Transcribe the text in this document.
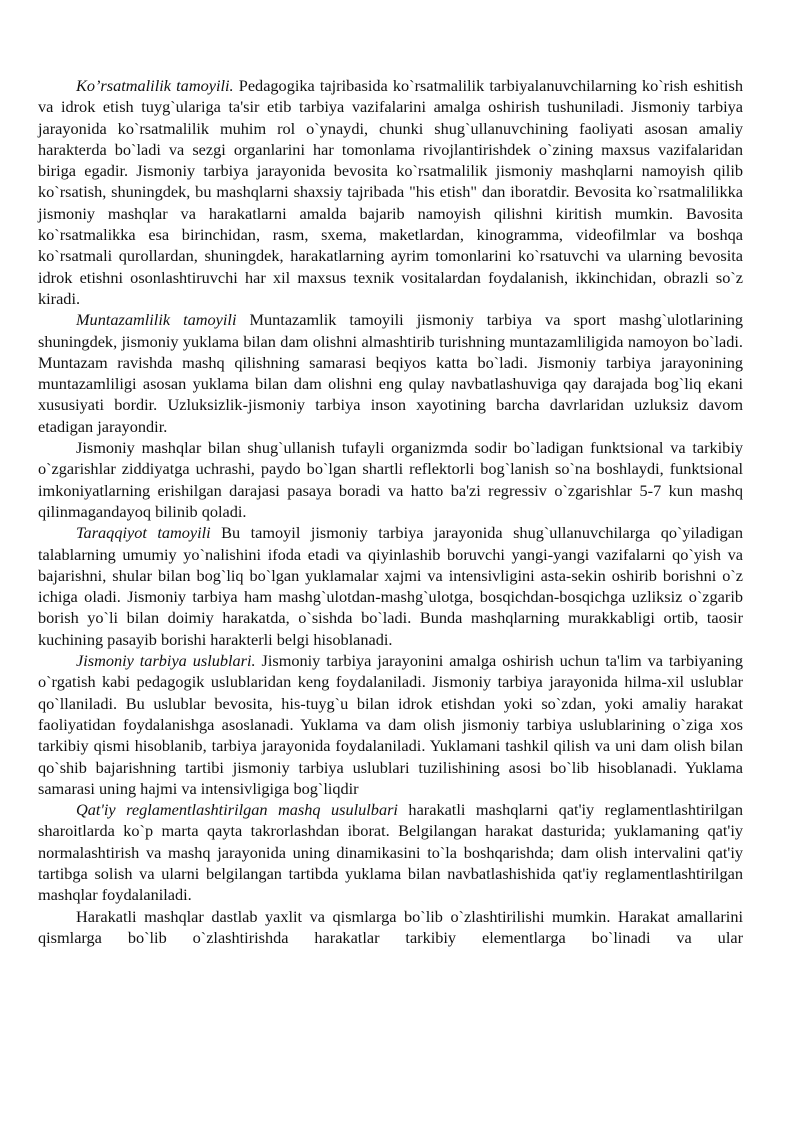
Ko’rsatmalilik tamoyili. Pedagogika tajribasida ko`rsatmalilik tarbiyalanuvchilarning ko`rish eshitish va idrok etish tuyg`ulariga ta'sir etib tarbiya vazifalarini amalga oshirish tushuniladi. Jismoniy tarbiya jarayonida ko`rsatmalilik muhim rol o`ynaydi, chunki shug`ullanuvchining faoliyati asosan amaliy harakterda bo`ladi va sezgi organlarini har tomonlama rivojlantirishdek o`zining maxsus vazifalaridan biriga egadir. Jismoniy tarbiya jarayonida bevosita ko`rsatmalilik jismoniy mashqlarni namoyish qilib ko`rsatish, shuningdek, bu mashqlarni shaxsiy tajribada "his etish" dan iboratdir. Bevosita ko`rsatmalilikka jismoniy mashqlar va harakatlarni amalda bajarib namoyish qilishni kiritish mumkin. Bavosita ko`rsatmalikka esa birinchidan, rasm, sxema, maketlardan, kinogramma, videofilmlar va boshqa ko`rsatmali qurollardan, shuningdek, harakatlarning ayrim tomonlarini ko`rsatuvchi va ularning bevosita idrok etishni osonlashtiruvchi har xil maxsus texnik vositalardan foydalanish, ikkinchidan, obrazli so`z kiradi.

Muntazamlilik tamoyili Muntazamlik tamoyili jismoniy tarbiya va sport mashg`ulotlarining shuningdek, jismoniy yuklama bilan dam olishni almashtirib turishning muntazamliligida namoyon bo`ladi. Muntazam ravishda mashq qilishning samarasi beqiyos katta bo`ladi. Jismoniy tarbiya jarayonining muntazamliligi asosan yuklama bilan dam olishni eng qulay navbatlashuviga qay darajada bog`liq ekani xususiyati bordir. Uzluksizlik-jismoniy tarbiya inson xayotining barcha davrlaridan uzluksiz davom etadigan jarayondir.

Jismoniy mashqlar bilan shug`ullanish tufayli organizmda sodir bo`ladigan funktsional va tarkibiy o`zgarishlar ziddiyatga uchrashi, paydo bo`lgan shartli reflektorli bog`lanish so`na boshlaydi, funktsional imkoniyatlarning erishilgan darajasi pasaya boradi va hatto ba'zi regressiv o`zgarishlar 5-7 kun mashq qilinmagandayoq bilinib qoladi.

Taraqqiyot tamoyili Bu tamoyil jismoniy tarbiya jarayonida shug`ullanuvchilarga qo`yiladigan talablarning umumiy yo`nalishini ifoda etadi va qiyinlashib boruvchi yangi-yangi vazifalarni qo`yish va bajarishni, shular bilan bog`liq bo`lgan yuklamalar xajmi va intensivligini asta-sekin oshirib borishni o`z ichiga oladi. Jismoniy tarbiya ham mashg`ulotdan-mashg`ulotga, bosqichdan-bosqichga uzliksiz o`zgarib borish yo`li bilan doimiy harakatda, o`sishda bo`ladi. Bunda mashqlarning murakkabligi ortib, taosir kuchining pasayib borishi harakterli belgi hisoblanadi.

Jismoniy tarbiya uslublari. Jismoniy tarbiya jarayonini amalga oshirish uchun ta'lim va tarbiyaning o`rgatish kabi pedagogik uslublaridan keng foydalaniladi. Jismoniy tarbiya jarayonida hilma-xil uslublar qo`llaniladi. Bu uslublar bevosita, his-tuyg`u bilan idrok etishdan yoki so`zdan, yoki amaliy harakat faoliyatidan foydalanishga asoslanadi. Yuklama va dam olish jismoniy tarbiya uslublarining o`ziga xos tarkibiy qismi hisoblanib, tarbiya jarayonida foydalaniladi. Yuklamani tashkil qilish va uni dam olish bilan qo`shib bajarishning tartibi jismoniy tarbiya uslublari tuzilishining asosi bo`lib hisoblanadi. Yuklama samarasi uning hajmi va intensivligiga bog`liqdir

Qat'iy reglamentlashtirilgan mashq usululbari harakatli mashqlarni qat'iy reglamentlashtirilgan sharoitlarda ko`p marta qayta takrorlashdan iborat. Belgilangan harakat dasturida; yuklamaning qat'iy normalashtirish va mashq jarayonida uning dinamikasini to`la boshqarishda; dam olish intervalini qat'iy tartibga solish va ularni belgilangan tartibda yuklama bilan navbatlashishida qat'iy reglamentlashtirilgan mashqlar foydalaniladi.

Harakatli mashqlar dastlab yaxlit va qismlarga bo`lib o`zlashtirilishi mumkin. Harakat amallarini qismlarga bo`lib o`zlashtirishda harakatlar tarkibiy elementlarga bo`linadi va ular
